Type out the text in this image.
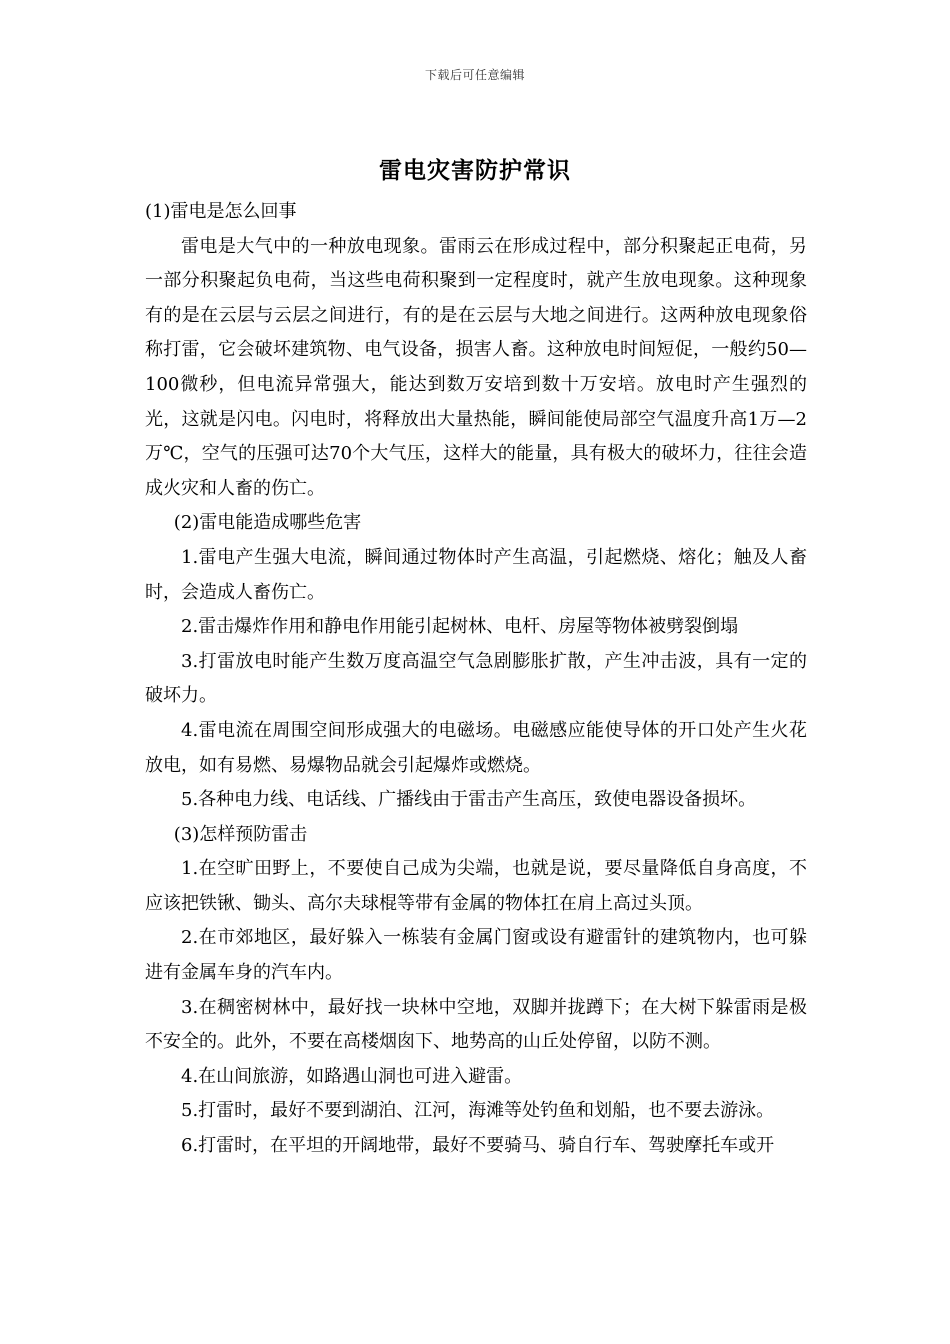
下载后可任意编辑
雷电灾害防护常识

(1)雷电是怎么回事

雷电是大气中的一种放电现象。雷雨云在形成过程中，部分积聚起正电荷，另一部分积聚起负电荷，当这些电荷积聚到一定程度时，就产生放电现象。这种现象有的是在云层与云层之间进行，有的是在云层与大地之间进行。这两种放电现象俗称打雷，它会破坏建筑物、电气设备，损害人畜。这种放电时间短促，一般约50—100微秒，但电流异常强大，能达到数万安培到数十万安培。放电时产生强烈的光，这就是闪电。闪电时，将释放出大量热能，瞬间能使局部空气温度升高1万—2万℃，空气的压强可达70个大气压，这样大的能量，具有极大的破坏力，往往会造成火灾和人畜的伤亡。

(2)雷电能造成哪些危害

1.雷电产生强大电流，瞬间通过物体时产生高温，引起燃烧、熔化；触及人畜时，会造成人畜伤亡。

2.雷击爆炸作用和静电作用能引起树林、电杆、房屋等物体被劈裂倒塌

3.打雷放电时能产生数万度高温空气急剧膨胀扩散，产生冲击波，具有一定的破坏力。

4.雷电流在周围空间形成强大的电磁场。电磁感应能使导体的开口处产生火花放电，如有易燃、易爆物品就会引起爆炸或燃烧。

5.各种电力线、电话线、广播线由于雷击产生高压，致使电器设备损坏。

(3)怎样预防雷击

1.在空旷田野上，不要使自己成为尖端，也就是说，要尽量降低自身高度，不应该把铁锹、锄头、高尔夫球棍等带有金属的物体扛在肩上高过头顶。

2.在市郊地区，最好躲入一栋装有金属门窗或设有避雷针的建筑物内，也可躲进有金属车身的汽车内。

3.在稠密树林中，最好找一块林中空地，双脚并拢蹲下；在大树下躲雷雨是极不安全的。此外，不要在高楼烟囱下、地势高的山丘处停留，以防不测。

4.在山间旅游，如路遇山洞也可进入避雷。

5.打雷时，最好不要到湖泊、江河，海滩等处钓鱼和划船，也不要去游泳。

6.打雷时，在平坦的开阔地带，最好不要骑马、骑自行车、驾驶摩托车或开
